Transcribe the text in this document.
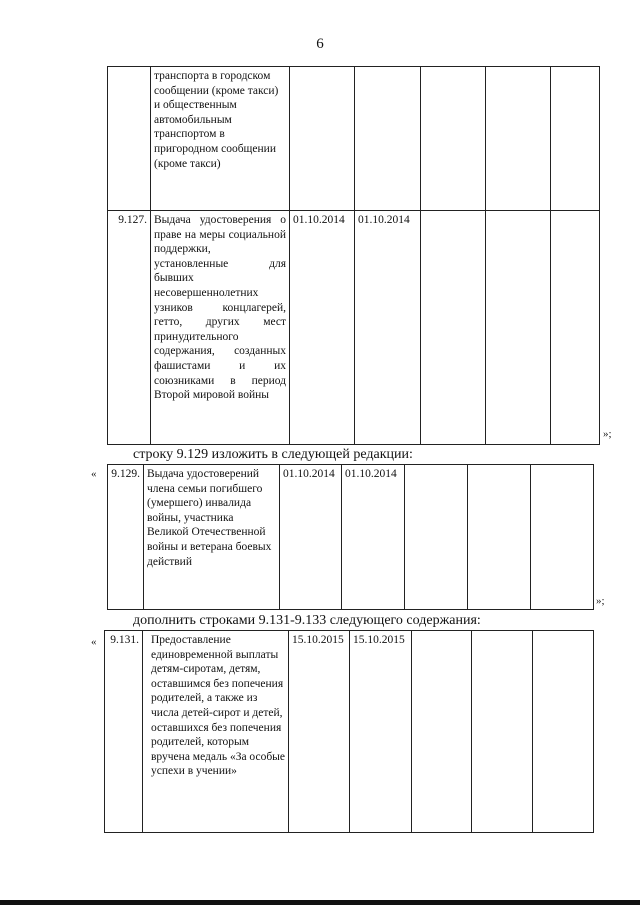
6
	транспорта в городском сообщении (кроме такси) и общественным автомобильным транспортом в пригородном сообщении (кроме такси)					
9.127.	Выдача удостоверения о праве на меры социальной поддержки, установленные для бывших несовершеннолетних узников концлагерей, гетто, других мест принудительного содержания, созданных фашистами и их союзниками в период Второй мировой войны	01.10.2014	01.10.2014			
»;
строку 9.129 изложить в следующей редакции:
« 9.129.	Выдача удостоверений члена семьи погибшего (умершего) инвалида войны, участника Великой Отечественной войны и ветерана боевых действий	01.10.2014	01.10.2014			
»;
дополнить строками 9.131-9.133 следующего содержания:
« 9.131.	Предоставление единовременной выплаты детям-сиротам, детям, оставшимся без попечения родителей, а также из числа детей-сирот и детей, оставшихся без попечения родителей, которым вручена медаль «За особые успехи в учении»	15.10.2015	15.10.2015			
